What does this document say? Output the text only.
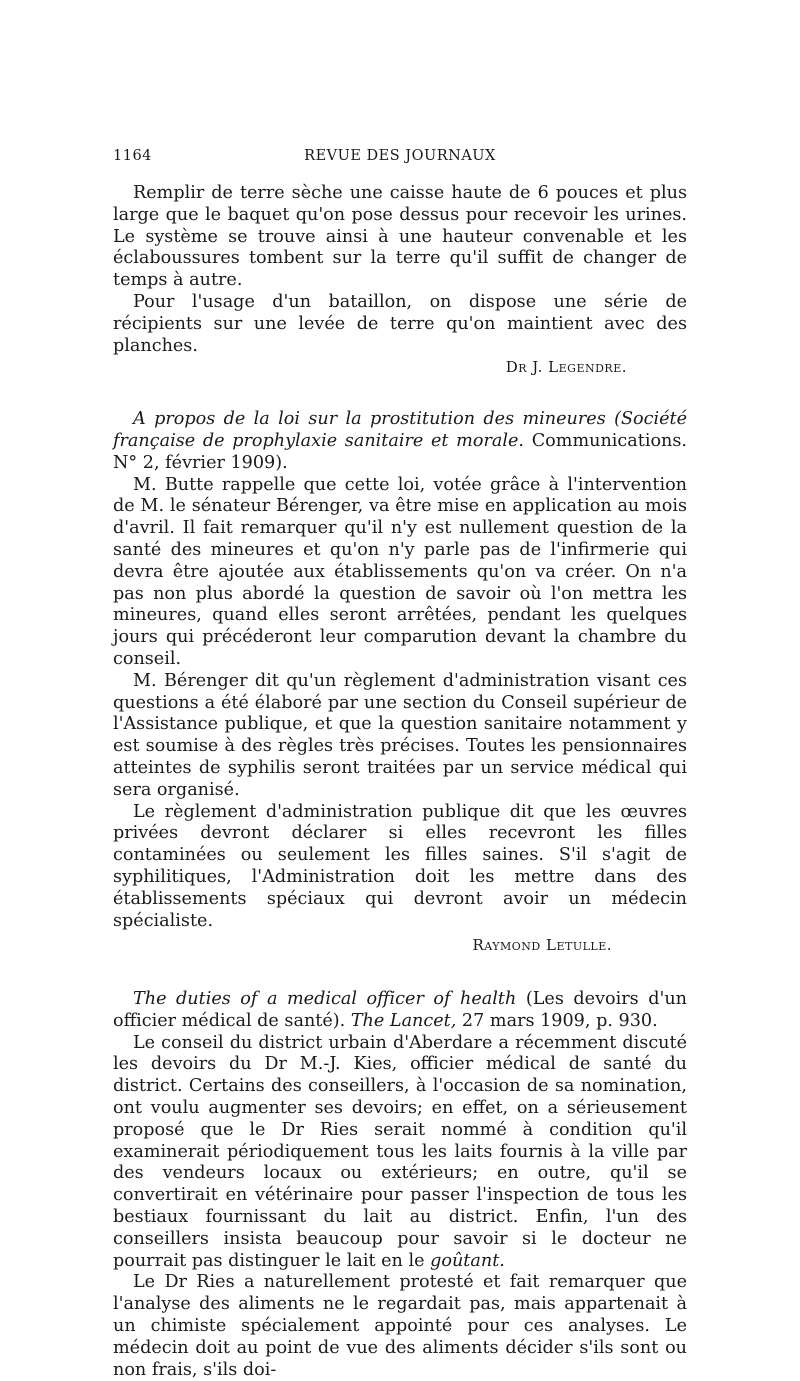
1164	REVUE DES JOURNAUX

Remplir de terre sèche une caisse haute de 6 pouces et plus large que le baquet qu'on pose dessus pour recevoir les urines. Le système se trouve ainsi à une hauteur convenable et les éclaboussures tombent sur la terre qu'il suffit de changer de temps à autre.

Pour l'usage d'un bataillon, on dispose une série de récipients sur une levée de terre qu'on maintient avec des planches.

Dr J. Legendre.

A propos de la loi sur la prostitution des mineures (Société française de prophylaxie sanitaire et morale. Communications. N° 2, février 1909).

M. Butte rappelle que cette loi, votée grâce à l'intervention de M. le sénateur Bérenger, va être mise en application au mois d'avril. Il fait remarquer qu'il n'y est nullement question de la santé des mineures et qu'on n'y parle pas de l'infirmerie qui devra être ajoutée aux établissements qu'on va créer. On n'a pas non plus abordé la question de savoir où l'on mettra les mineures, quand elles seront arrêtées, pendant les quelques jours qui précéderont leur comparution devant la chambre du conseil.

M. Bérenger dit qu'un règlement d'administration visant ces questions a été élaboré par une section du Conseil supérieur de l'Assistance publique, et que la question sanitaire notamment y est soumise à des règles très précises. Toutes les pensionnaires atteintes de syphilis seront traitées par un service médical qui sera organisé.

Le règlement d'administration publique dit que les œuvres privées devront déclarer si elles recevront les filles contaminées ou seulement les filles saines. S'il s'agit de syphilitiques, l'Administration doit les mettre dans des établissements spéciaux qui devront avoir un médecin spécialiste.

Raymond Letulle.

The duties of a medical officer of health (Les devoirs d'un officier médical de santé). The Lancet, 27 mars 1909, p. 930.

Le conseil du district urbain d'Aberdare a récemment discuté les devoirs du Dr M.-J. Kies, officier médical de santé du district. Certains des conseillers, à l'occasion de sa nomination, ont voulu augmenter ses devoirs; en effet, on a sérieusement proposé que le Dr Ries serait nommé à condition qu'il examinerait périodiquement tous les laits fournis à la ville par des vendeurs locaux ou extérieurs; en outre, qu'il se convertirait en vétérinaire pour passer l'inspection de tous les bestiaux fournissant du lait au district. Enfin, l'un des conseillers insista beaucoup pour savoir si le docteur ne pourrait pas distinguer le lait en le goûtant.

Le Dr Ries a naturellement protesté et fait remarquer que l'analyse des aliments ne le regardait pas, mais appartenait à un chimiste spécialement appointé pour ces analyses. Le médecin doit au point de vue des aliments décider s'ils sont ou non frais, s'ils doi-
